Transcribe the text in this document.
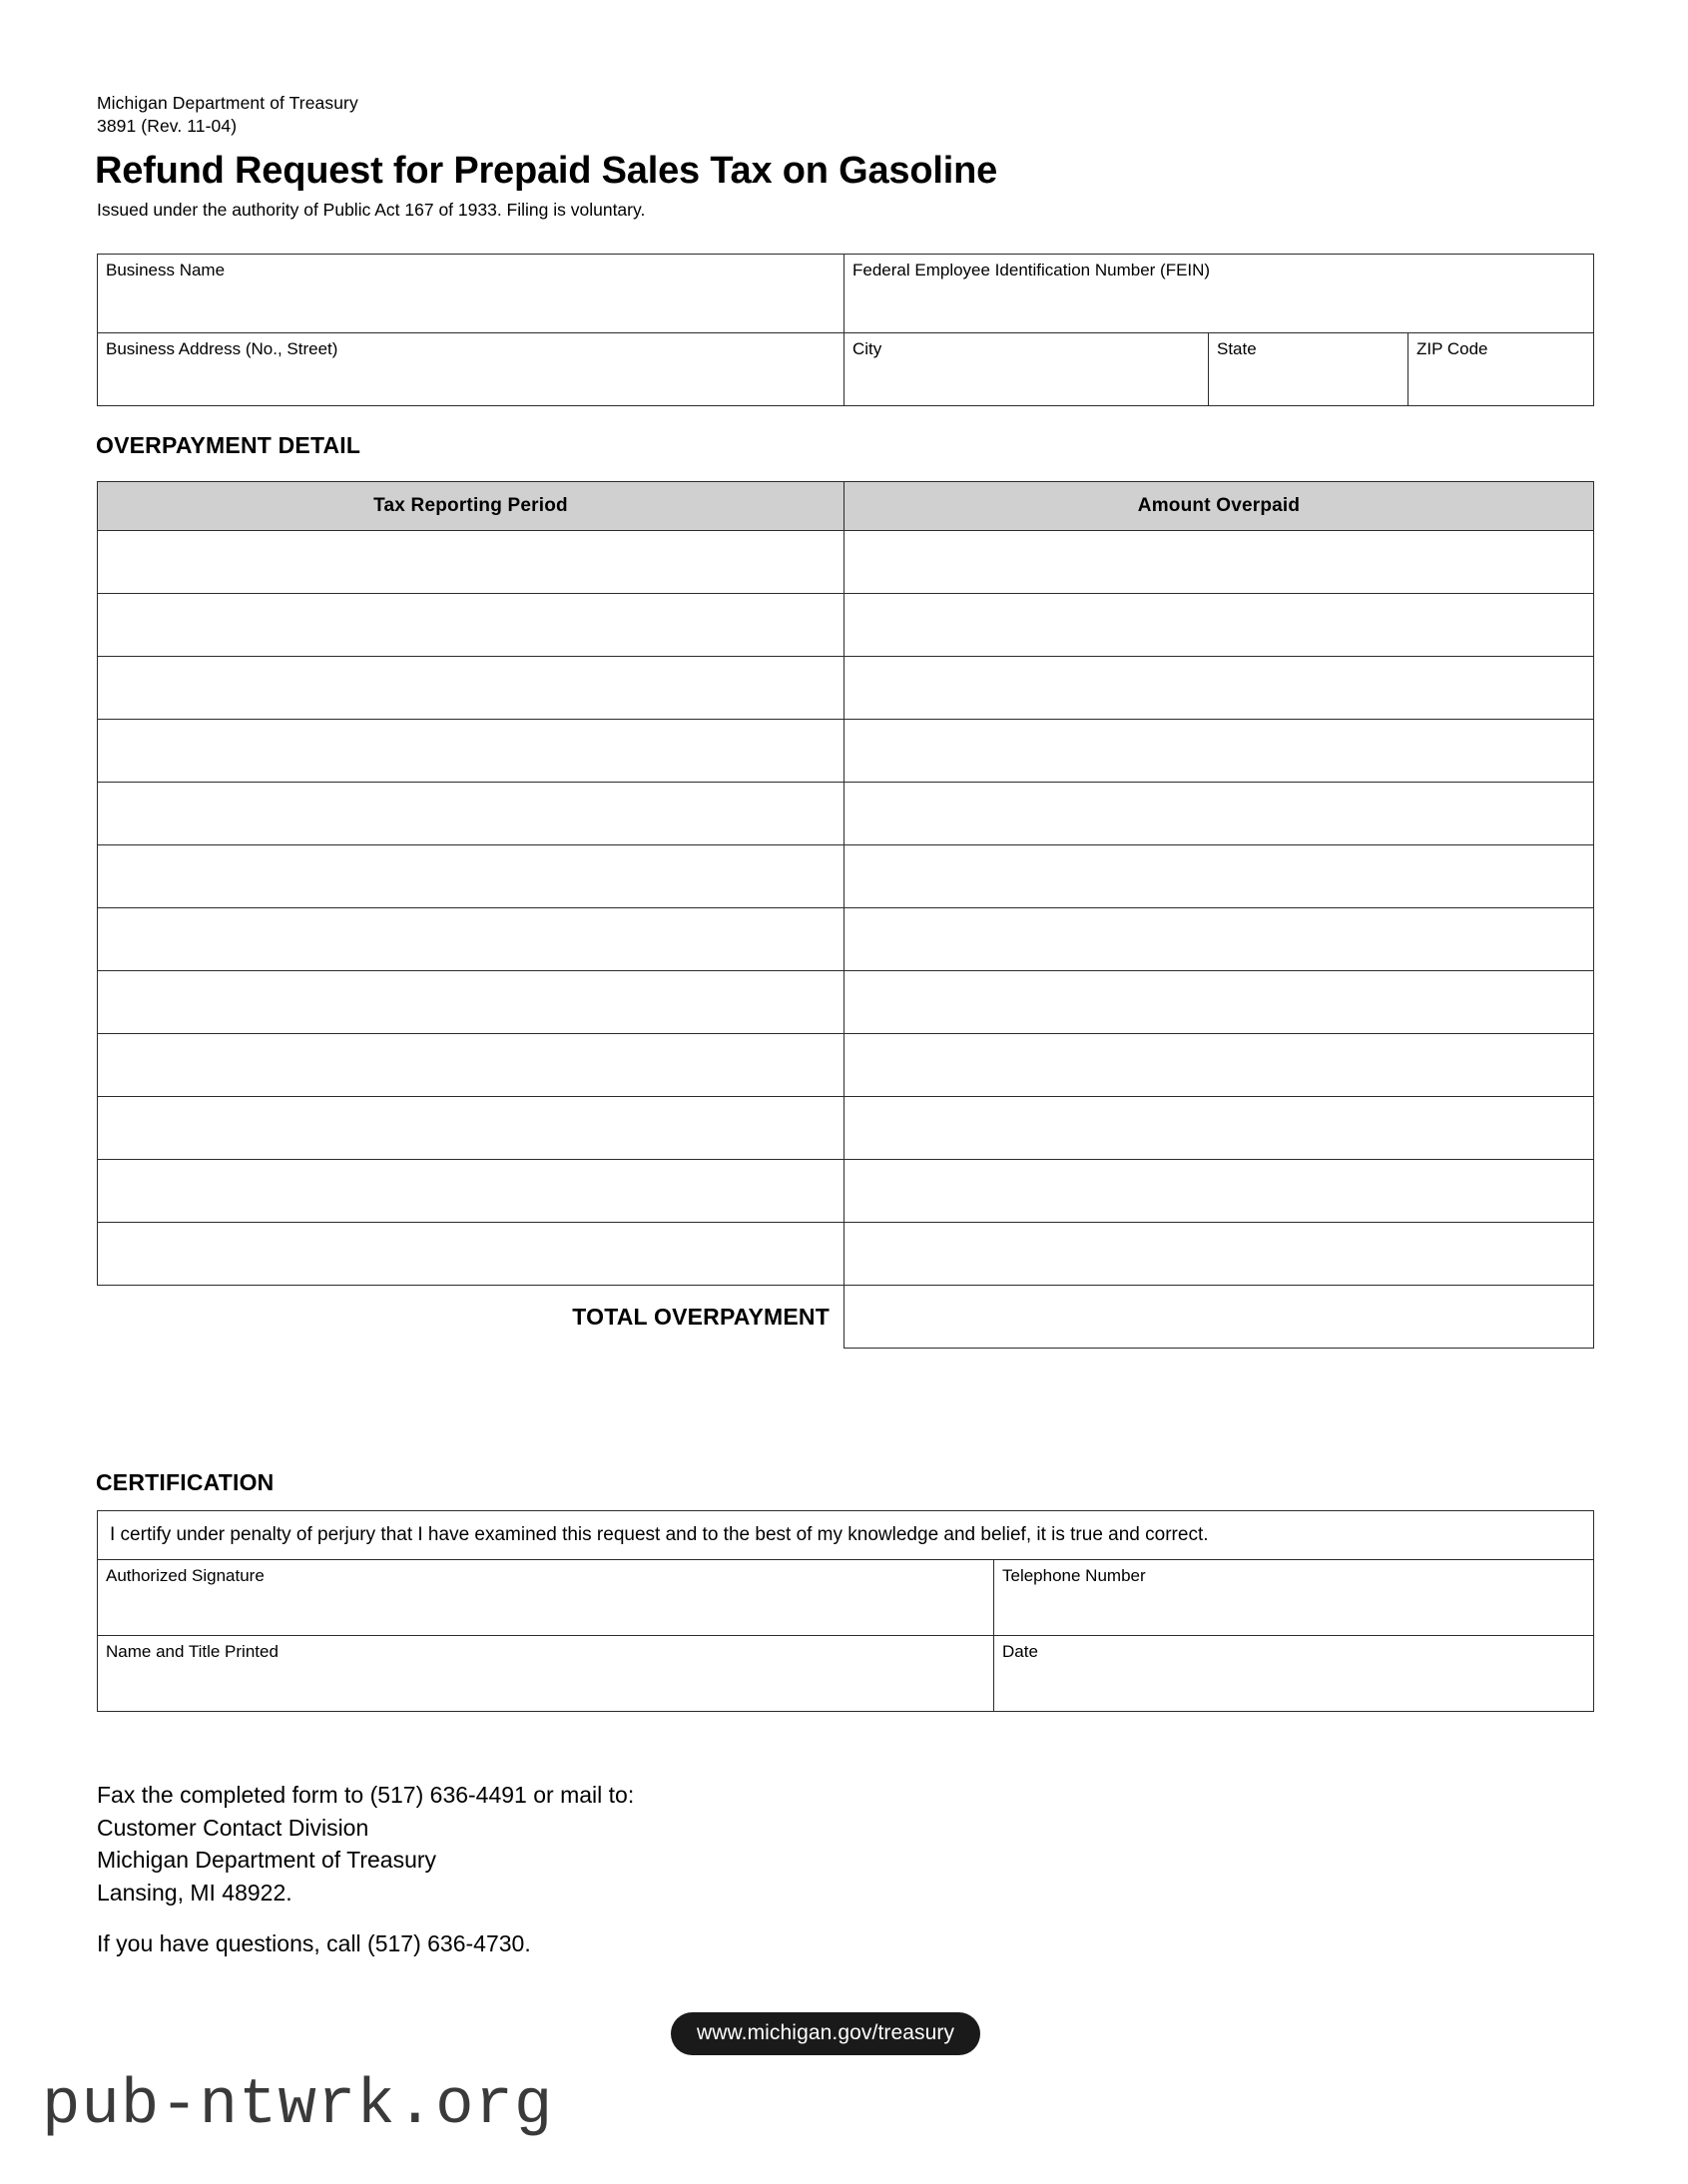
Michigan Department of Treasury
3891 (Rev. 11-04)
Refund Request for Prepaid Sales Tax on Gasoline
Issued under the authority of Public Act 167 of 1933. Filing is voluntary.
Business Name	Federal Employee Identification Number (FEIN)		

Business Address (No., Street)	City	State	ZIP Code
OVERPAYMENT DETAIL
Tax Reporting Period	Amount Overpaid

TOTAL OVERPAYMENT	
CERTIFICATION
I certify under penalty of perjury that I have examined this request and to the best of my knowledge and belief, it is true and correct.	

Authorized Signature	Telephone Number

Name and Title Printed	Date
Fax the completed form to (517) 636-4491 or mail to:
Customer Contact Division
Michigan Department of Treasury
Lansing, MI 48922.
If you have questions, call (517) 636-4730.
www.michigan.gov/treasury
pub-ntwrk.org
